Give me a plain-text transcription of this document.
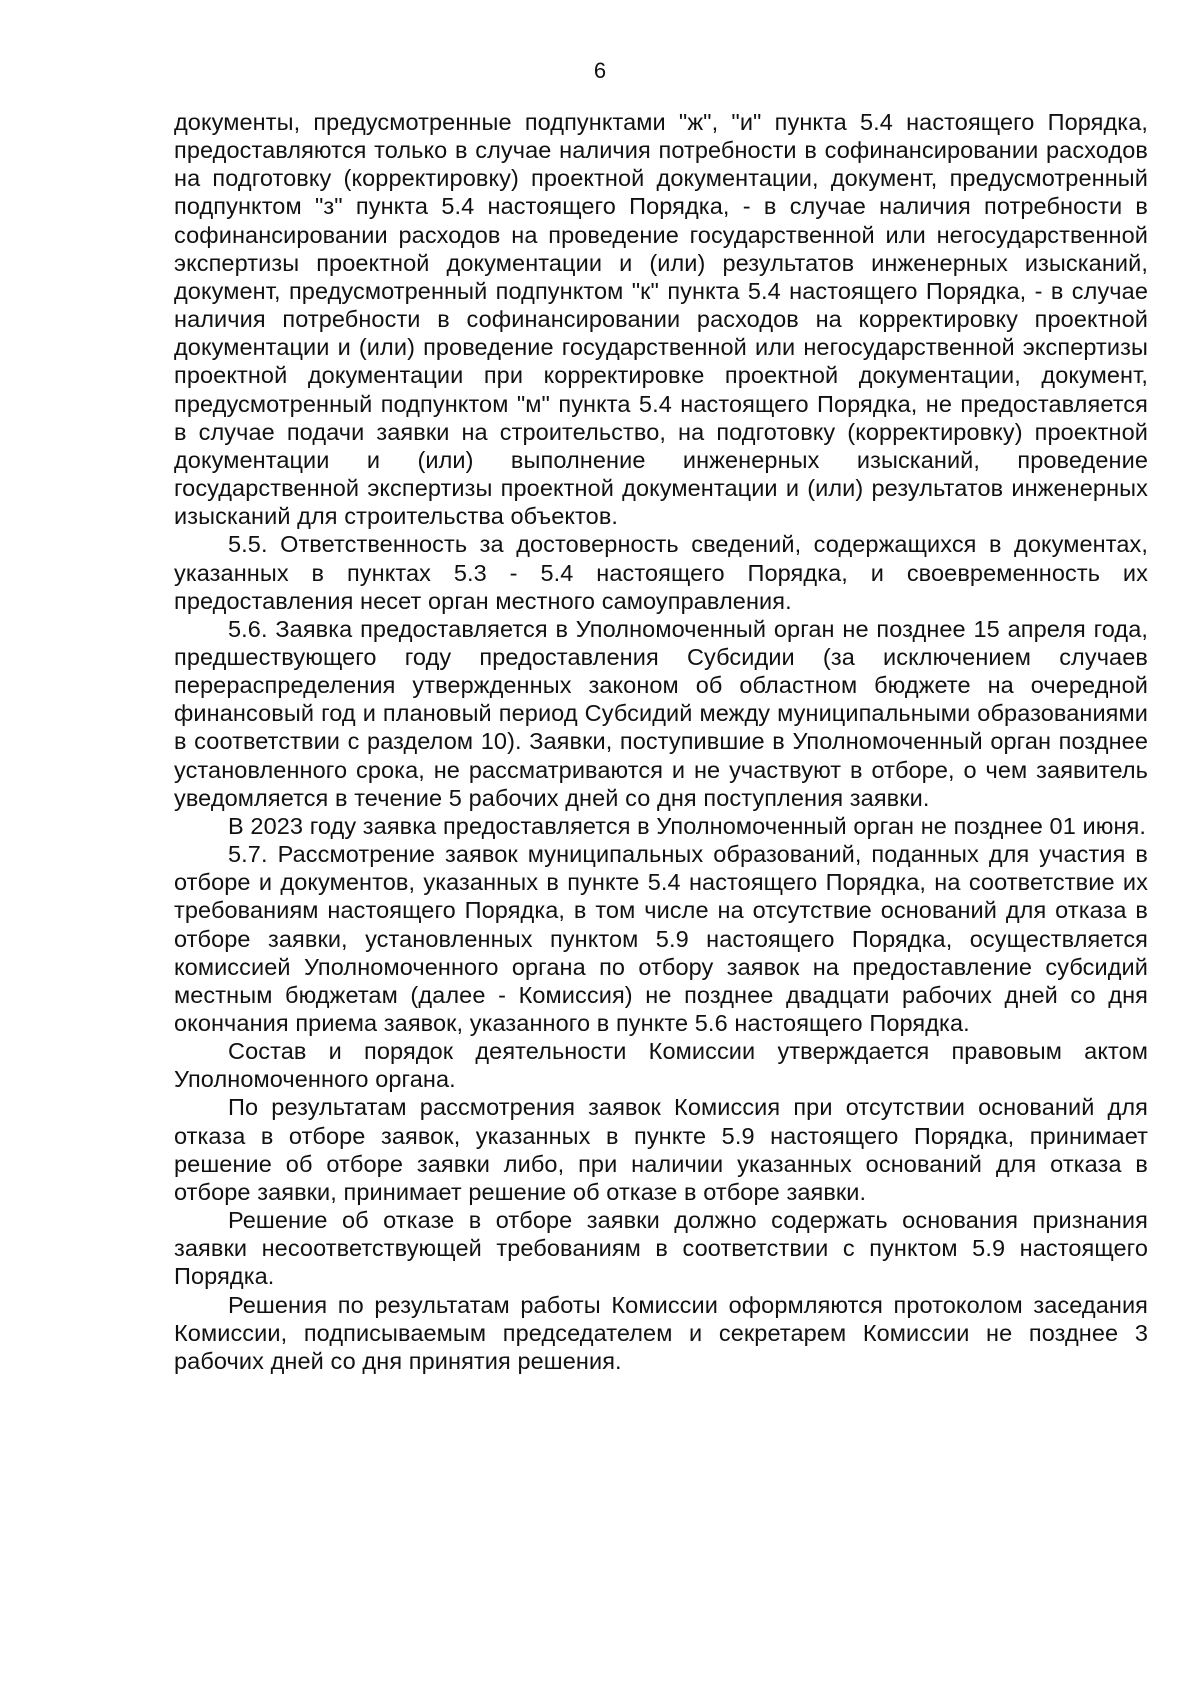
6

документы, предусмотренные подпунктами "ж", "и" пункта 5.4 настоящего Порядка, предоставляются только в случае наличия потребности в софинансировании расходов на подготовку (корректировку) проектной документации, документ, предусмотренный подпунктом "з" пункта 5.4 настоящего Порядка, - в случае наличия потребности в софинансировании расходов на проведение государственной или негосударственной экспертизы проектной документации и (или) результатов инженерных изысканий, документ, предусмотренный подпунктом "к" пункта 5.4 настоящего Порядка, - в случае наличия потребности в софинансировании расходов на корректировку проектной документации и (или) проведение государственной или негосударственной экспертизы проектной документации при корректировке проектной документации, документ, предусмотренный подпунктом "м" пункта 5.4 настоящего Порядка, не предоставляется в случае подачи заявки на строительство, на подготовку (корректировку) проектной документации и (или) выполнение инженерных изысканий, проведение государственной экспертизы проектной документации и (или) результатов инженерных изысканий для строительства объектов.

5.5. Ответственность за достоверность сведений, содержащихся в документах, указанных в пунктах 5.3 - 5.4 настоящего Порядка, и своевременность их предоставления несет орган местного самоуправления.

5.6. Заявка предоставляется в Уполномоченный орган не позднее 15 апреля года, предшествующего году предоставления Субсидии (за исключением случаев перераспределения утвержденных законом об областном бюджете на очередной финансовый год и плановый период Субсидий между муниципальными образованиями в соответствии с разделом 10). Заявки, поступившие в Уполномоченный орган позднее установленного срока, не рассматриваются и не участвуют в отборе, о чем заявитель уведомляется в течение 5 рабочих дней со дня поступления заявки.

В 2023 году заявка предоставляется в Уполномоченный орган не позднее 01 июня.

5.7. Рассмотрение заявок муниципальных образований, поданных для участия в отборе и документов, указанных в пункте 5.4 настоящего Порядка, на соответствие их требованиям настоящего Порядка, в том числе на отсутствие оснований для отказа в отборе заявки, установленных пунктом 5.9 настоящего Порядка, осуществляется комиссией Уполномоченного органа по отбору заявок на предоставление субсидий местным бюджетам (далее - Комиссия) не позднее двадцати рабочих дней со дня окончания приема заявок, указанного в пункте 5.6 настоящего Порядка.

Состав и порядок деятельности Комиссии утверждается правовым актом Уполномоченного органа.

По результатам рассмотрения заявок Комиссия при отсутствии оснований для отказа в отборе заявок, указанных в пункте 5.9 настоящего Порядка, принимает решение об отборе заявки либо, при наличии указанных оснований для отказа в отборе заявки, принимает решение об отказе в отборе заявки.

Решение об отказе в отборе заявки должно содержать основания признания заявки несоответствующей требованиям в соответствии с пунктом 5.9 настоящего Порядка.

Решения по результатам работы Комиссии оформляются протоколом заседания Комиссии, подписываемым председателем и секретарем Комиссии не позднее 3 рабочих дней со дня принятия решения.
